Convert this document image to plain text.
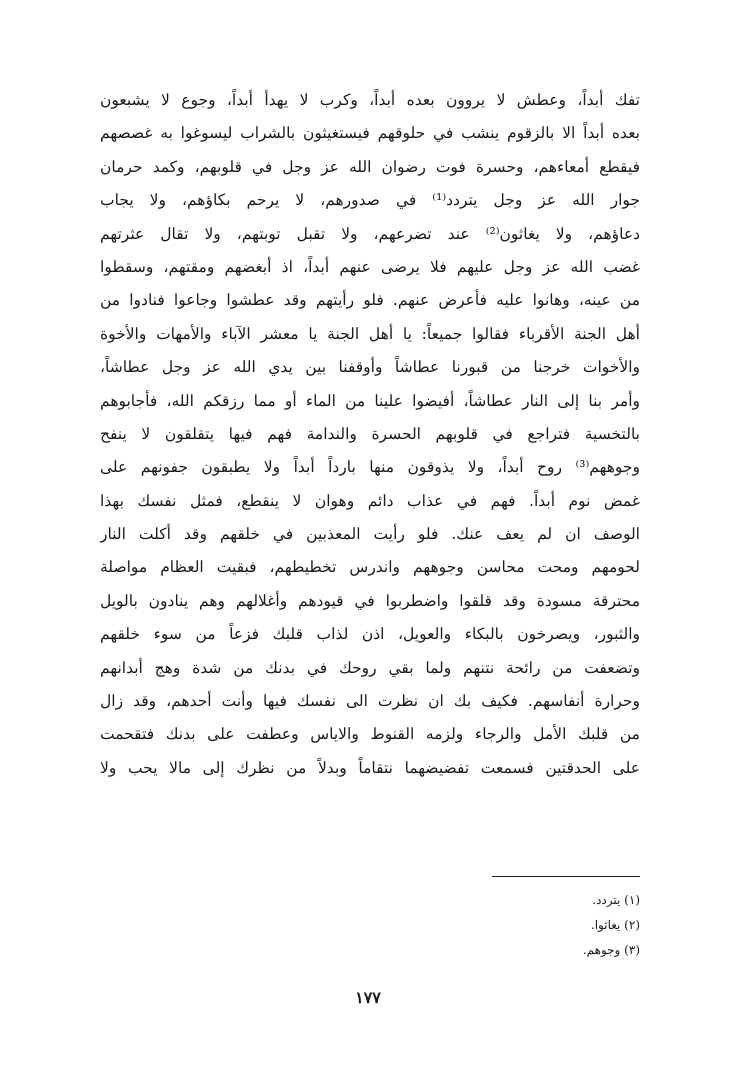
تفك أبداً، وعطش لا يروون بعده أبداً، وكرب لا يهدأ أبداً، وجوع لا يشبعون
بعده أبداً الا بالزقوم ينشب في حلوقهم فيستغيثون بالشراب ليسوغوا به غصصهم
فيقطع أمعاءهم، وحسرة فوت رضوان الله عز وجل في قلوبهم، وكمد حرمان
جوار الله عز وجل يتردد⁽¹⁾ في صدورهم، لا يرحم بكاؤهم، ولا يجاب
دعاؤهم، ولا يغاثون⁽²⁾ عند تضرعهم، ولا تقبل توبتهم، ولا تقال عثرتهم
غضب الله عز وجل عليهم فلا يرضى عنهم أبداً، اذ أبغضهم ومقتهم، وسقطوا
من عينه، وهانوا عليه فأعرض عنهم. فلو رأيتهم وقد عطشوا وجاعوا فنادوا من
أهل الجنة الأقرباء فقالوا جميعاً: يا أهل الجنة يا معشر الآباء والأمهات والأخوة
والأخوات خرجنا من قبورنا عطاشاً وأوقفنا بين يدي الله عز وجل عطاشاً،
وأمر بنا إلى النار عطاشاً، أفيضوا علينا من الماء أو مما رزقكم الله، فأجابوهم
بالتخسية فتراجع في قلوبهم الحسرة والندامة فهم فيها يتقلقون لا ينفح
وجوههم⁽³⁾ روح أبداً، ولا يذوقون منها بارداً أبداً ولا يطبقون جفونهم على
غمض نوم أبداً. فهم في عذاب دائم وهوان لا ينقطع، فمثل نفسك بهذا
الوصف ان لم يعف عنك. فلو رأيت المعذبين في خلقهم وقد أكلت النار
لحومهم ومحت محاسن وجوههم واندرس تخطيطهم، فبقيت العظام مواصلة
محترقة مسودة وقد قلقوا واضطربوا في قيودهم وأغلالهم وهم ينادون بالويل
والثبور، ويصرخون بالبكاء والعويل، اذن لذاب قلبك فزعاً من سوء خلقهم
وتضعفت من رائحة نتنهم ولما بقي روحك في بدنك من شدة وهج أبدانهم
وحرارة أنفاسهم. فكيف بك ان نظرت الى نفسك فيها وأنت أحدهم، وقد زال
من قلبك الأمل والرجاء ولزمه القنوط والاياس وعطفت على بدنك فتقحمت
على الحدقتين فسمعت تفضيضهما نتقاماً وبدلاً من نظرك إلى مالا يحب ولا
(١) يتردد.
(٢) يغاثوا.
(٣) وجوهم.
١٧٧
